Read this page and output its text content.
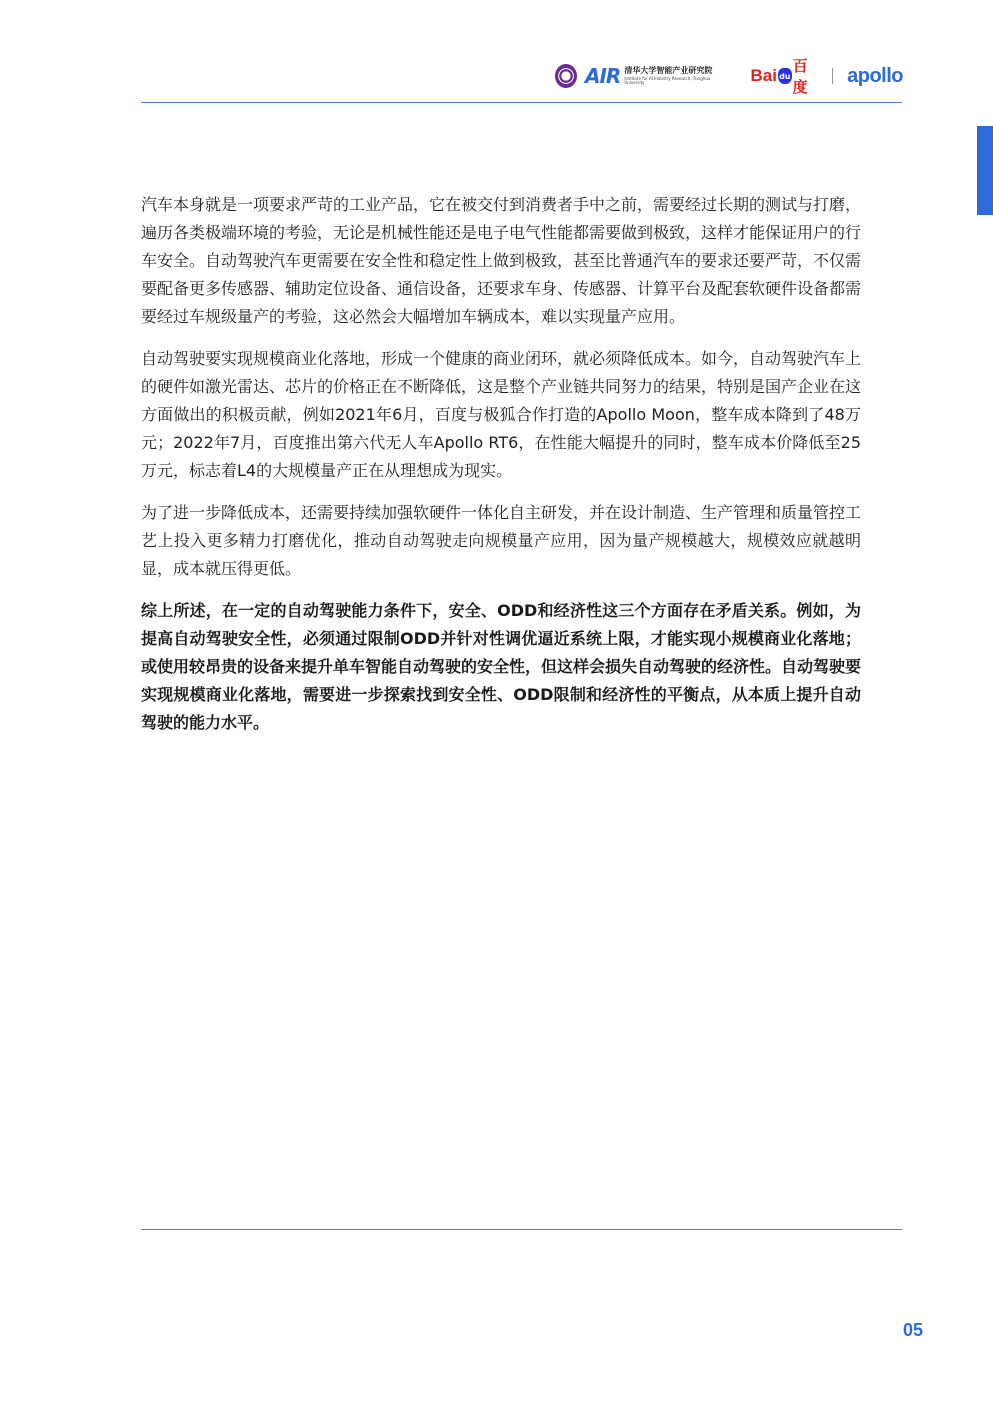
AIR 清华大学智能产业研究院
Institute for AI Industry Research, Tsinghua University	Bai du
百度
apollo

汽车本身就是一项要求严苛的工业产品，它在被交付到消费者手中之前，需要经过长期的测试与打磨，遍历各类极端环境的考验，无论是机械性能还是电子电气性能都需要做到极致，这样才能保证用户的行车安全。自动驾驶汽车更需要在安全性和稳定性上做到极致，甚至比普通汽车的要求还要严苛，不仅需要配备更多传感器、辅助定位设备、通信设备，还要求车身、传感器、计算平台及配套软硬件设备都需要经过车规级量产的考验，这必然会大幅增加车辆成本，难以实现量产应用。

自动驾驶要实现规模商业化落地，形成一个健康的商业闭环，就必须降低成本。如今，自动驾驶汽车上的硬件如激光雷达、芯片的价格正在不断降低，这是整个产业链共同努力的结果，特别是国产企业在这方面做出的积极贡献，例如2021年6月，百度与极狐合作打造的Apollo Moon，整车成本降到了48万元；2022年7月，百度推出第六代无人车Apollo RT6，在性能大幅提升的同时，整车成本价降低至25万元，标志着L4的大规模量产正在从理想成为现实。

为了进一步降低成本，还需要持续加强软硬件一体化自主研发，并在设计制造、生产管理和质量管控工艺上投入更多精力打磨优化，推动自动驾驶走向规模量产应用，因为量产规模越大，规模效应就越明显，成本就压得更低。

综上所述，在一定的自动驾驶能力条件下，安全、ODD和经济性这三个方面存在矛盾关系。例如，为提高自动驾驶安全性，必须通过限制ODD并针对性调优逼近系统上限，才能实现小规模商业化落地；或使用较昂贵的设备来提升单车智能自动驾驶的安全性，但这样会损失自动驾驶的经济性。自动驾驶要实现规模商业化落地，需要进一步探索找到安全性、ODD限制和经济性的平衡点，从本质上提升自动驾驶的能力水平。

05
